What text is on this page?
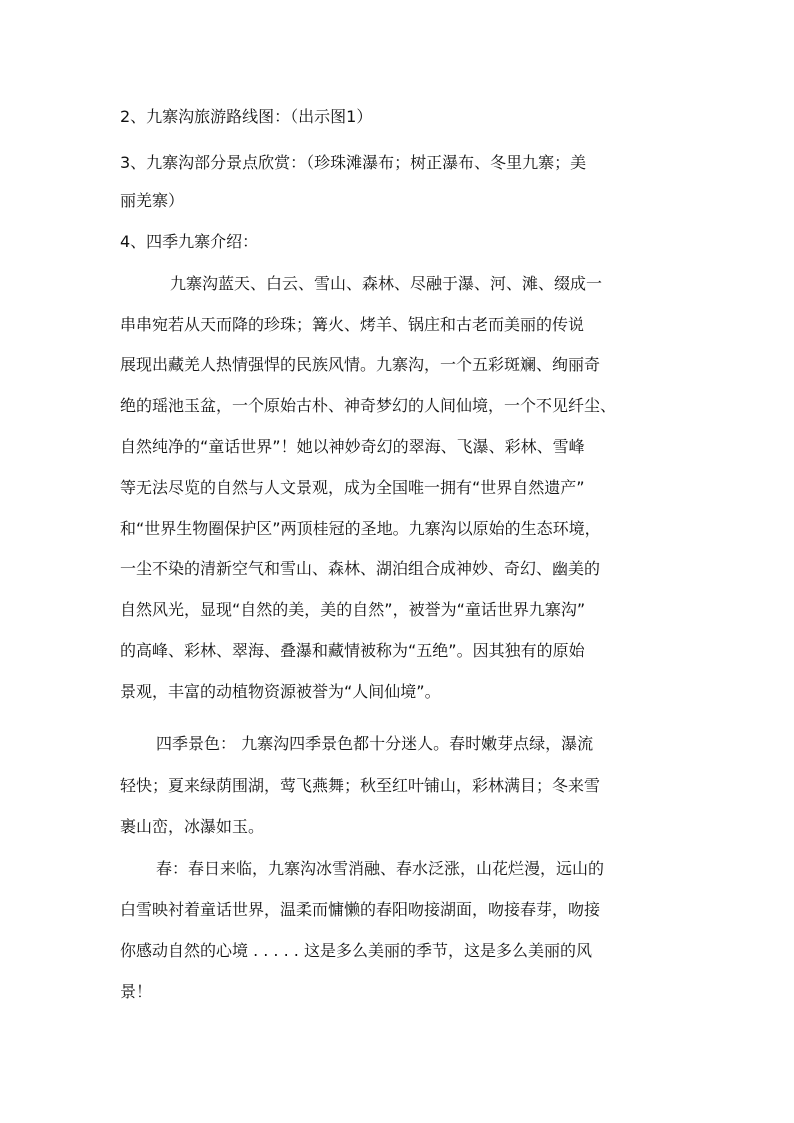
2、九寨沟旅游路线图：（出示图1）
3、九寨沟部分景点欣赏：（珍珠滩瀑布；树正瀑布、冬里九寨；美
丽羌寨）
4、四季九寨介绍：
九寨沟蓝天、白云、雪山、森林、尽融于瀑、河、滩、缀成一
串串宛若从天而降的珍珠；篝火、烤羊、锅庄和古老而美丽的传说
展现出藏羌人热情强悍的民族风情。九寨沟，一个五彩斑斓、绚丽奇
绝的瑶池玉盆，一个原始古朴、神奇梦幻的人间仙境，一个不见纤尘、
自然纯净的“童话世界”！她以神妙奇幻的翠海、飞瀑、彩林、雪峰
等无法尽览的自然与人文景观，成为全国唯一拥有“世界自然遗产”
和“世界生物圈保护区”两顶桂冠的圣地。九寨沟以原始的生态环境，
一尘不染的清新空气和雪山、森林、湖泊组合成神妙、奇幻、幽美的
自然风光，显现“自然的美，美的自然”，被誉为“童话世界九寨沟”
的高峰、彩林、翠海、叠瀑和藏情被称为“五绝”。因其独有的原始
景观，丰富的动植物资源被誉为“人间仙境”。
四季景色： 九寨沟四季景色都十分迷人。春时嫩芽点绿，瀑流
轻快；夏来绿荫围湖，莺飞燕舞；秋至红叶铺山，彩林满目；冬来雪
裹山峦，冰瀑如玉。
春：春日来临，九寨沟冰雪消融、春水泛涨，山花烂漫，远山的
白雪映衬着童话世界，温柔而慵懒的春阳吻接湖面，吻接春芽，吻接
你感动自然的心境 . . . . . 这是多么美丽的季节，这是多么美丽的风
景！
